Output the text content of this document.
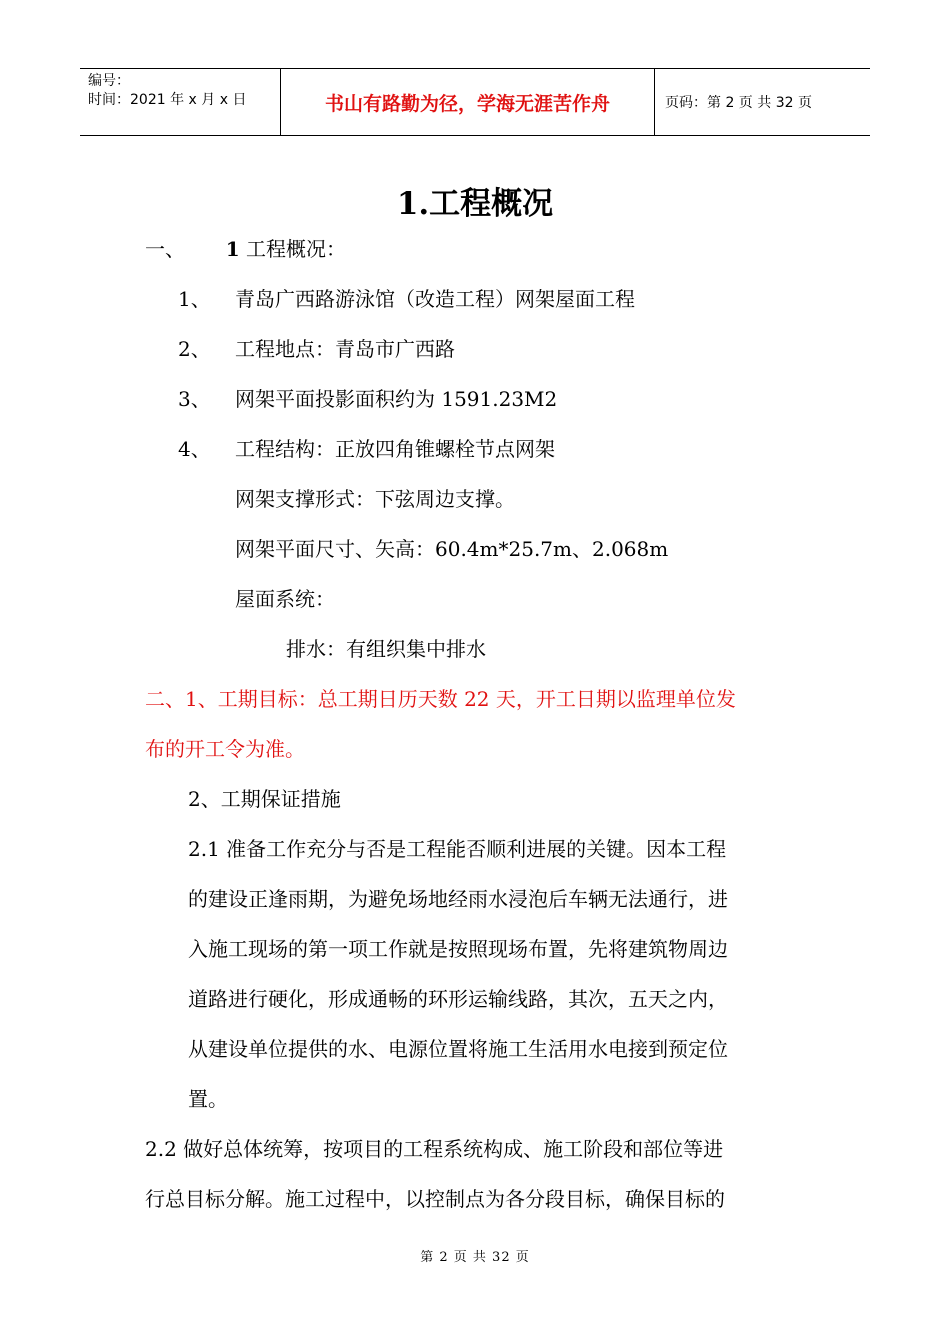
编号：
时间：2021 年 x 月 x 日	书山有路勤为径，学海无涯苦作舟	页码：第 2 页 共 32 页
1.工程概况
一、 1 工程概况：
1、 青岛广西路游泳馆（改造工程）网架屋面工程
2、 工程地点：青岛市广西路
3、 网架平面投影面积约为 1591.23M2
4、 工程结构：正放四角锥螺栓节点网架
网架支撑形式：下弦周边支撑。
网架平面尺寸、矢高：60.4m*25.7m、2.068m
屋面系统：
排水：有组织集中排水
二、1、工期目标：总工期日历天数 22 天，开工日期以监理单位发
布的开工令为准。
2、工期保证措施
2.1 准备工作充分与否是工程能否顺利进展的关键。因本工程
的建设正逢雨期，为避免场地经雨水浸泡后车辆无法通行，进
入施工现场的第一项工作就是按照现场布置，先将建筑物周边
道路进行硬化，形成通畅的环形运输线路，其次，五天之内，
从建设单位提供的水、电源位置将施工生活用水电接到预定位
置。
2.2 做好总体统筹，按项目的工程系统构成、施工阶段和部位等进
行总目标分解。施工过程中，以控制点为各分段目标，确保目标的
第 2 页 共 32 页
